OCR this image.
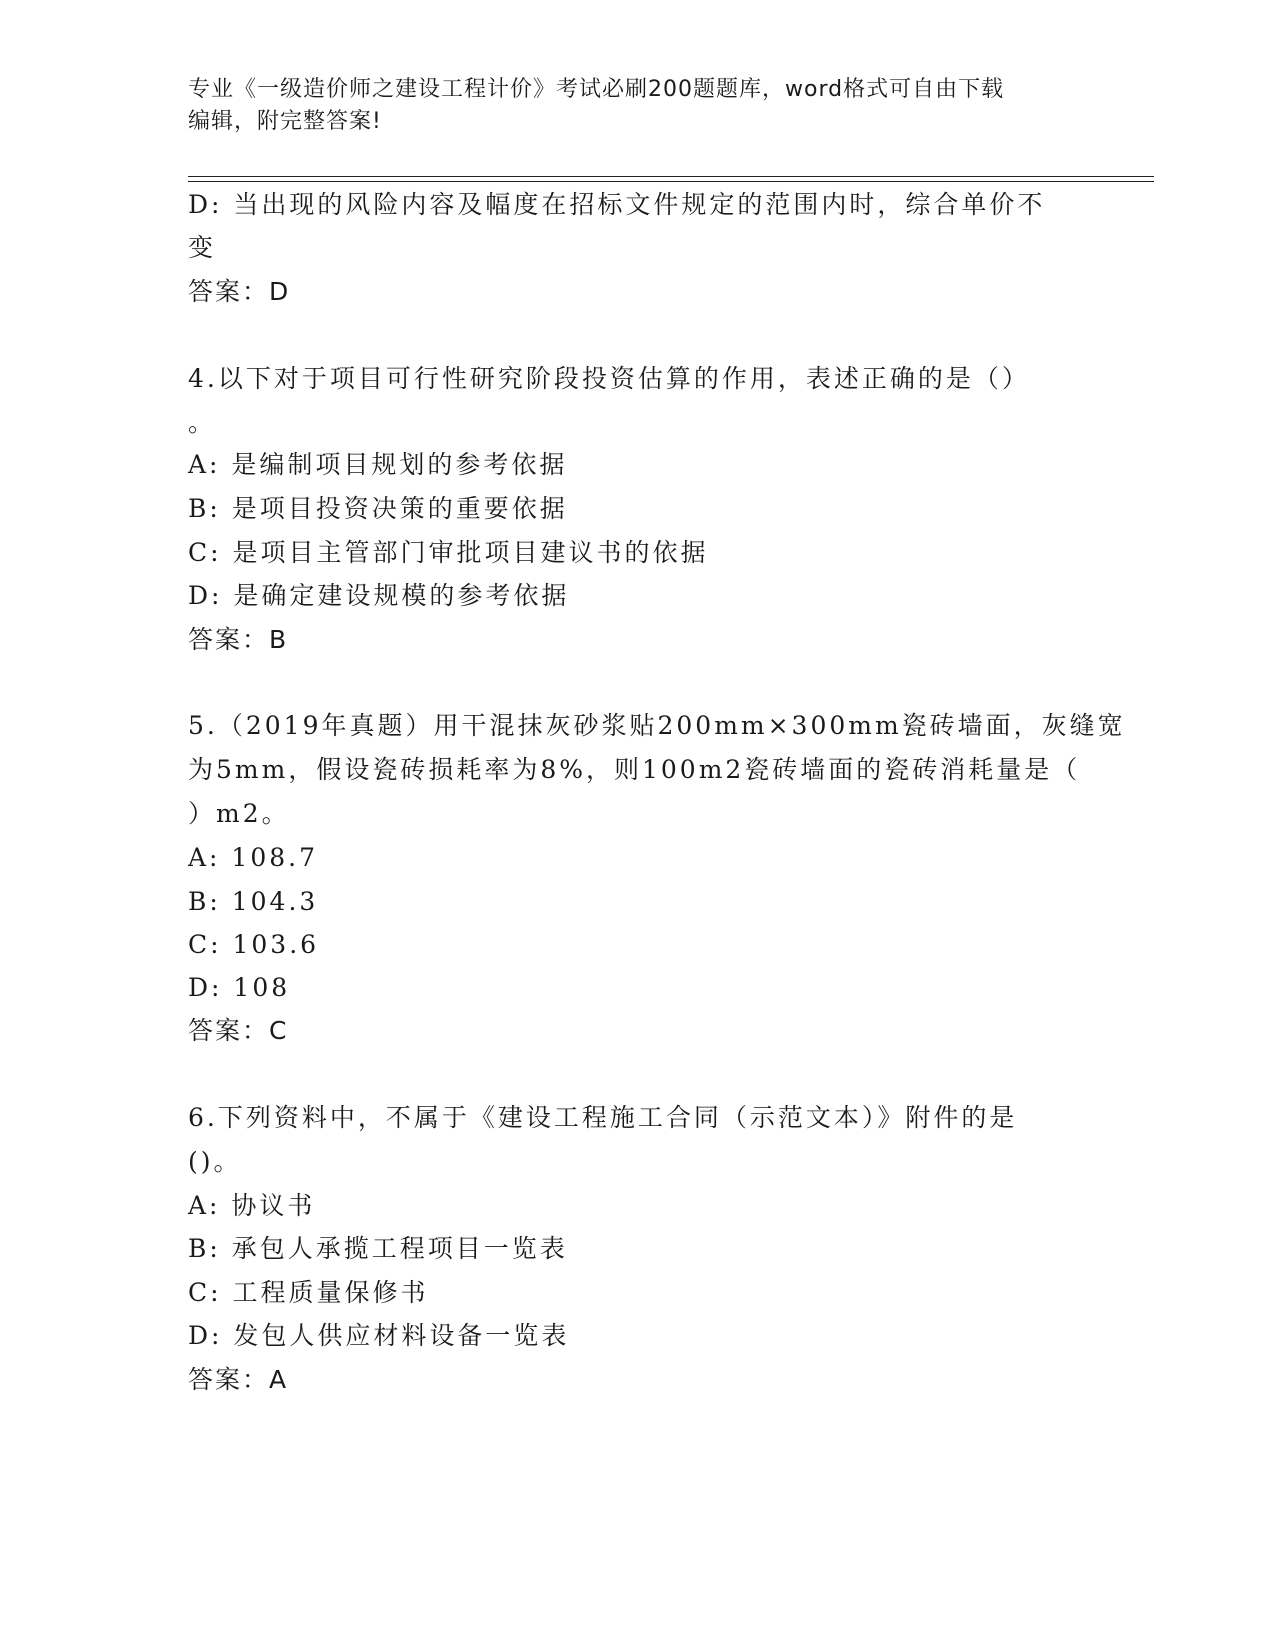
专业《一级造价师之建设工程计价》考试必刷200题题库，word格式可自由下载
编辑，附完整答案!
D: 当出现的风险内容及幅度在招标文件规定的范围内时，综合单价不
变
答案：D
4.以下对于项目可行性研究阶段投资估算的作用，表述正确的是（）
。
A: 是编制项目规划的参考依据
B: 是项目投资决策的重要依据
C: 是项目主管部门审批项目建议书的依据
D: 是确定建设规模的参考依据
答案：B
5.（2019年真题）用干混抹灰砂浆贴200mm×300mm瓷砖墙面，灰缝宽
为5mm，假设瓷砖损耗率为8%，则100m2瓷砖墙面的瓷砖消耗量是（
）m2。
A: 108.7
B: 104.3
C: 103.6
D: 108
答案：C
6.下列资料中，不属于《建设工程施工合同（示范文本）》附件的是
()。
A: 协议书
B: 承包人承揽工程项目一览表
C: 工程质量保修书
D: 发包人供应材料设备一览表
答案：A
